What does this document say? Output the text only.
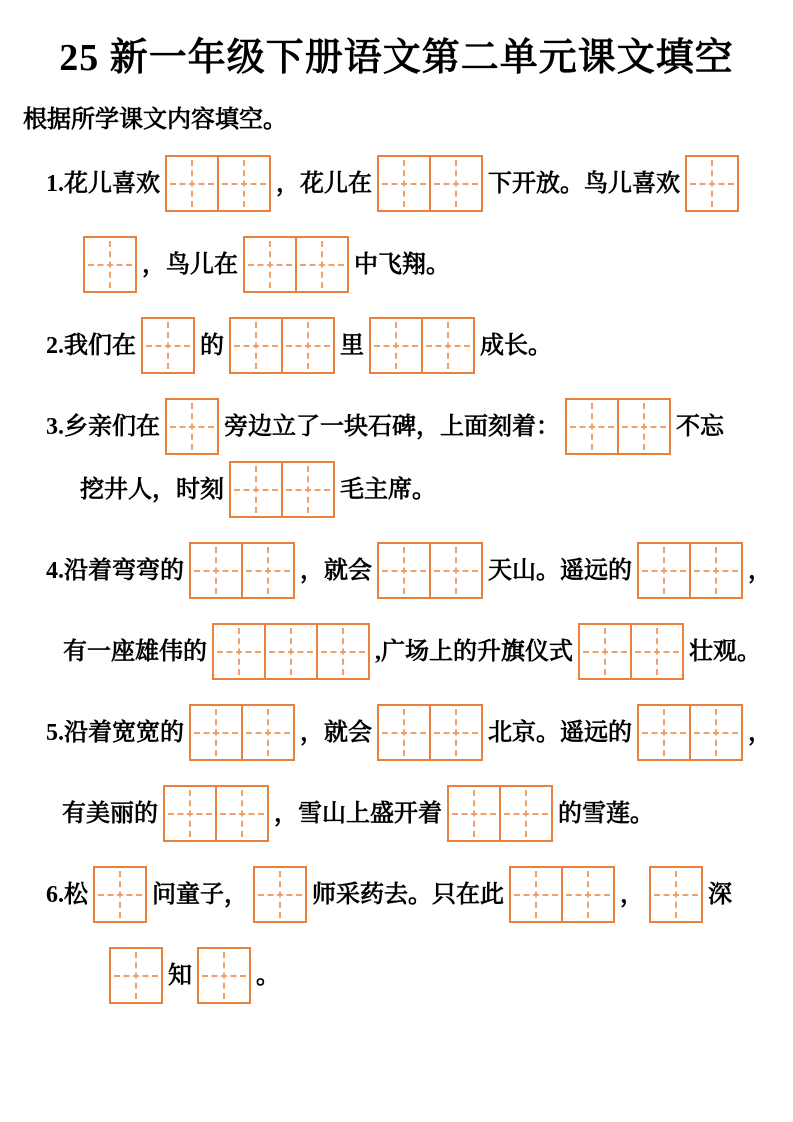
25 新一年级下册语文第二单元课文填空
根据所学课文内容填空。
1.花儿喜欢	，花儿在	下开放。鸟儿喜欢
，鸟儿在	中飞翔。
2.我们在	的	里	成长。
3.乡亲们在	旁边立了一块石碑，上面刻着：	不忘
挖井人，时刻	毛主席。
4.沿着弯弯的	，就会	天山。遥远的	，
有一座雄伟的	,广场上的升旗仪式	壮观。
5.沿着宽宽的	，就会	北京。遥远的	，
有美丽的	，雪山上盛开着	的雪莲。
6.松	问童子，	师采药去。只在此	，	深
知	。
